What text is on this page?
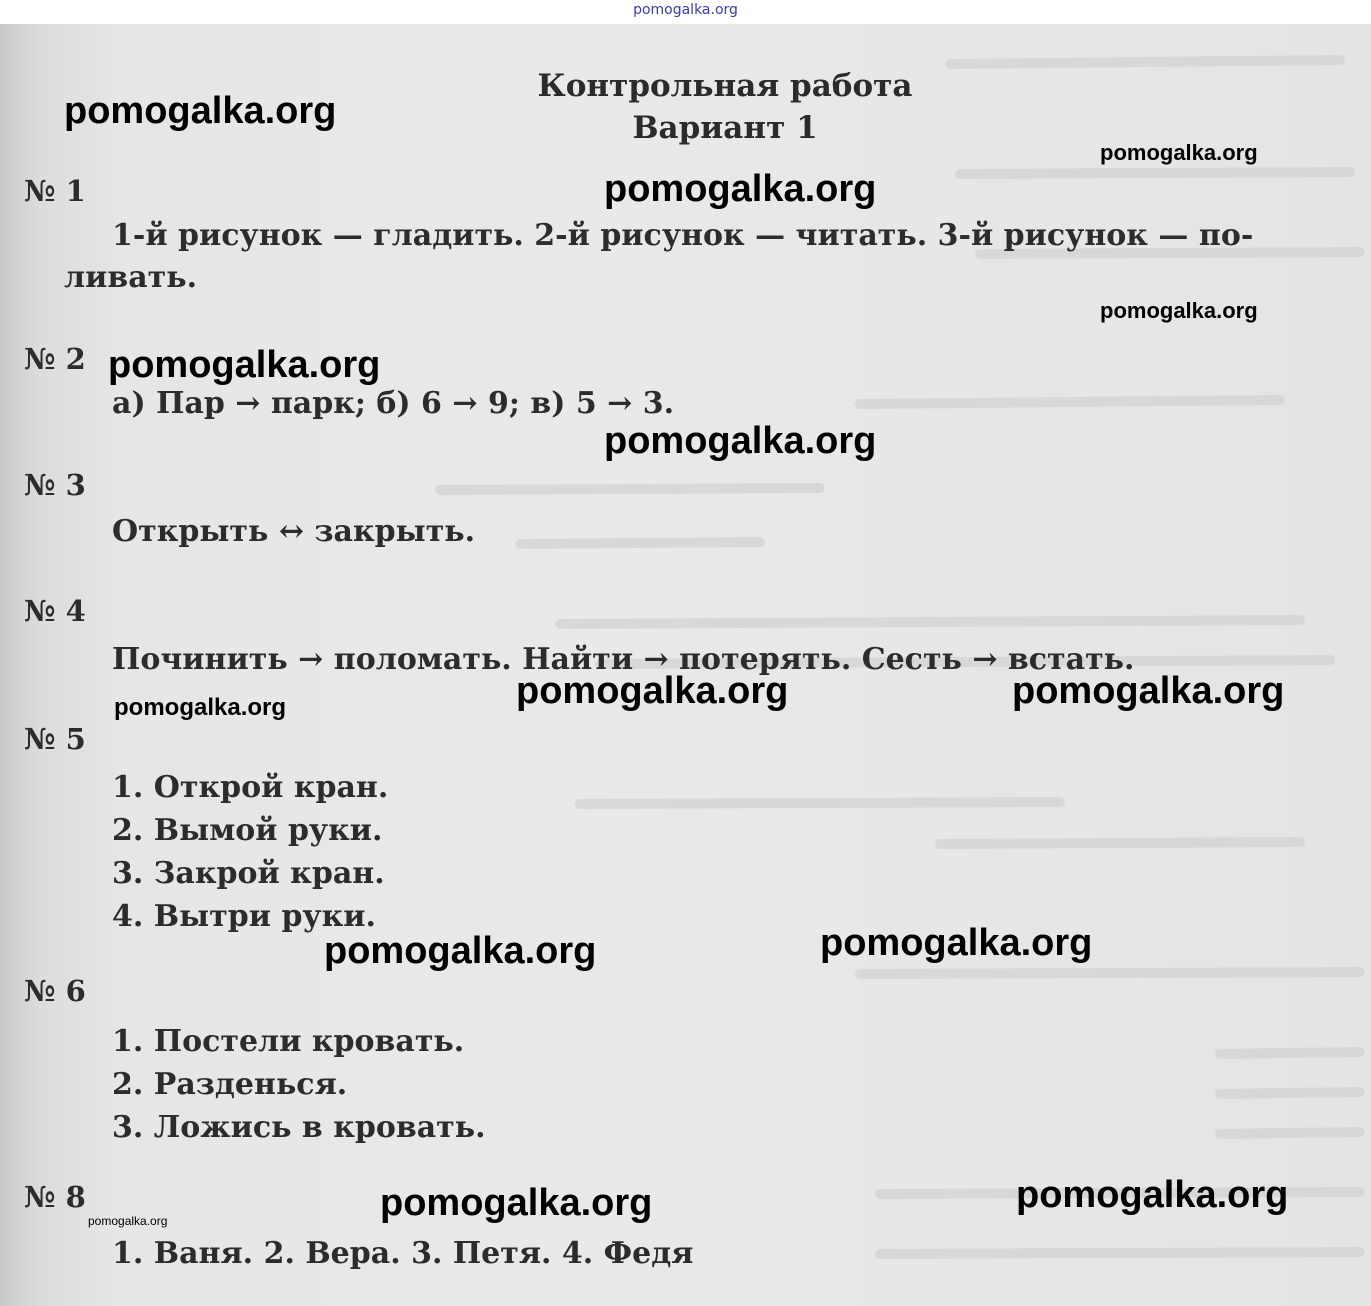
pomogalka.org
Контрольная работа
Вариант 1
№ 1
1-й рисунок — гладить. 2-й рисунок — читать. 3-й рисунок — по-
ливать.
№ 2
а) Пар → парк; б) 6 → 9; в) 5 → 3.
№ 3
Открыть ↔ закрыть.
№ 4
Починить → поломать. Найти → потерять. Сесть → встать.
№ 5
1. Открой кран.
2. Вымой руки.
3. Закрой кран.
4. Вытри руки.
№ 6
1. Постели кровать.
2. Разденься.
3. Ложись в кровать.
№ 8
1. Ваня. 2. Вера. 3. Петя. 4. Федя
pomogalka.org
pomogalka.org
pomogalka.org
pomogalka.org
pomogalka.org
pomogalka.org
pomogalka.org	pomogalka.org
pomogalka.org
pomogalka.org	pomogalka.org
pomogalka.org
pomogalka.org
pomogalka.org
